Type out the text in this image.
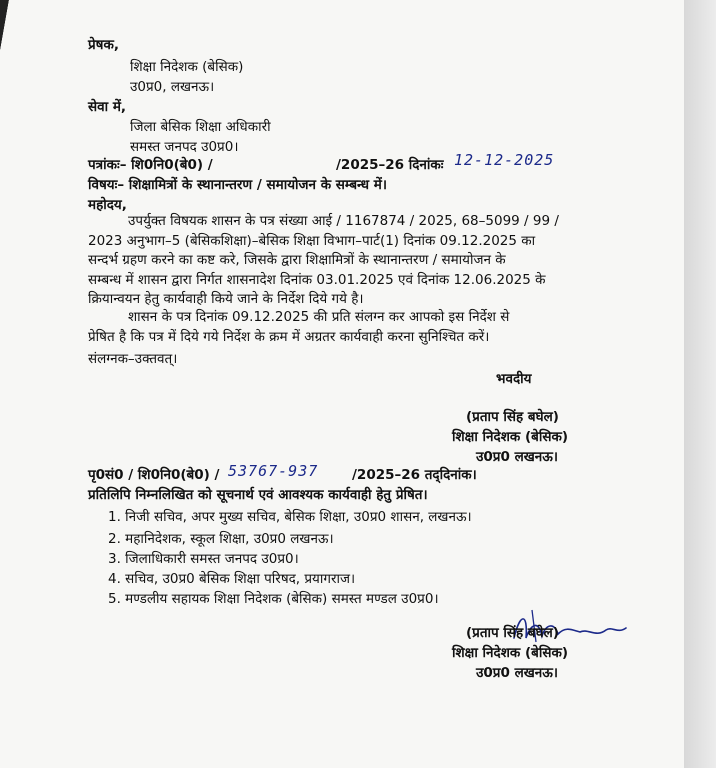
प्रेषक,
शिक्षा निदेशक (बेसिक)
उ0प्र0, लखनऊ।
सेवा में,
जिला बेसिक शिक्षा अधिकारी
समस्त जनपद उ0प्र0।
पत्रांकः– शि0नि0(बे0) /	/2025–26 दिनांकः 12-12-2025
विषयः– शिक्षामित्रों के स्थानान्तरण / समायोजन के सम्बन्ध में।
महोदय,
उपर्युक्त विषयक शासन के पत्र संख्या आई / 1167874 / 2025, 68–5099 / 99 /
2023 अनुभाग–5 (बेसिकशिक्षा)–बेसिक शिक्षा विभाग–पार्ट(1) दिनांक 09.12.2025 का
सन्दर्भ ग्रहण करने का कष्ट करे, जिसके द्वारा शिक्षामित्रों के स्थानान्तरण / समायोजन के
सम्बन्ध में शासन द्वारा निर्गत शासनादेश दिनांक 03.01.2025 एवं दिनांक 12.06.2025 के
क्रियान्वयन हेतु कार्यवाही किये जाने के निर्देश दिये गये है।
शासन के पत्र दिनांक 09.12.2025 की प्रति संलग्न कर आपको इस निर्देश से
प्रेषित है कि पत्र में दिये गये निर्देश के क्रम में अग्रतर कार्यवाही करना सुनिश्चित करें।
संलग्नक–उक्तवत्।
भवदीय
(प्रताप सिंह बघेल)
शिक्षा निदेशक (बेसिक)
उ0प्र0 लखनऊ।
पृ0सं0 / शि0नि0(बे0) / 53767-937 /2025–26 तद्‌दिनांक।
प्रतिलिपि निम्नलिखित को सूचनार्थ एवं आवश्यक कार्यवाही हेतु प्रेषित।
1. निजी सचिव, अपर मुख्य सचिव, बेसिक शिक्षा, उ0प्र0 शासन, लखनऊ।
2. महानिदेशक, स्कूल शिक्षा, उ0प्र0 लखनऊ।
3. जिलाधिकारी समस्त जनपद उ0प्र0।
4. सचिव, उ0प्र0 बेसिक शिक्षा परिषद, प्रयागराज।
5. मण्डलीय सहायक शिक्षा निदेशक (बेसिक) समस्त मण्डल उ0प्र0।
(प्रताप सिंह बघेल)
शिक्षा निदेशक (बेसिक)
उ0प्र0 लखनऊ।
